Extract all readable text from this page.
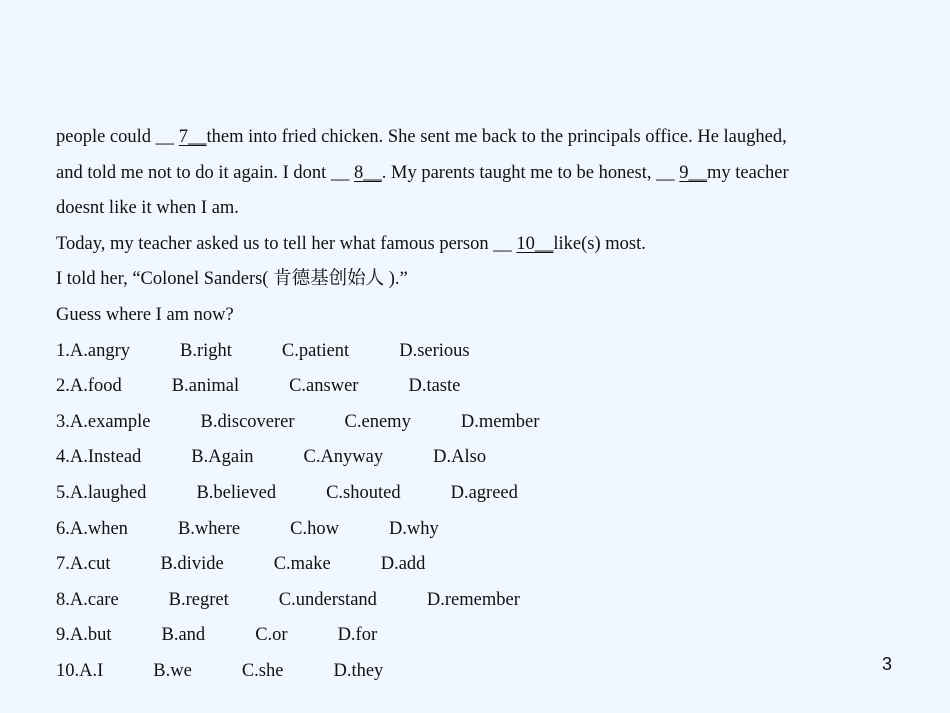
people could __ 7__them into fried chicken. She sent me back to the principals office. He laughed,
and told me not to do it again. I dont __ 8__. My parents taught me to be honest, __ 9__my teacher
doesnt like it when I am.
Today, my teacher asked us to tell her what famous person __ 10__like(s) most.
I told her, “Colonel Sanders( 肯德基创始人 ).”
Guess where I am now?
1.A.angry	B.right	C.patient	D.serious
2.A.food	B.animal	C.answer	D.taste
3.A.example	B.discoverer	C.enemy	D.member
4.A.Instead	B.Again	C.Anyway	D.Also
5.A.laughed	B.believed	C.shouted	D.agreed
6.A.when	B.where	C.how	D.why
7.A.cut	B.divide	C.make	D.add
8.A.care	B.regret	C.understand	D.remember
9.A.but	B.and	C.or	D.for
10.A.I	B.we	C.she	D.they	3
